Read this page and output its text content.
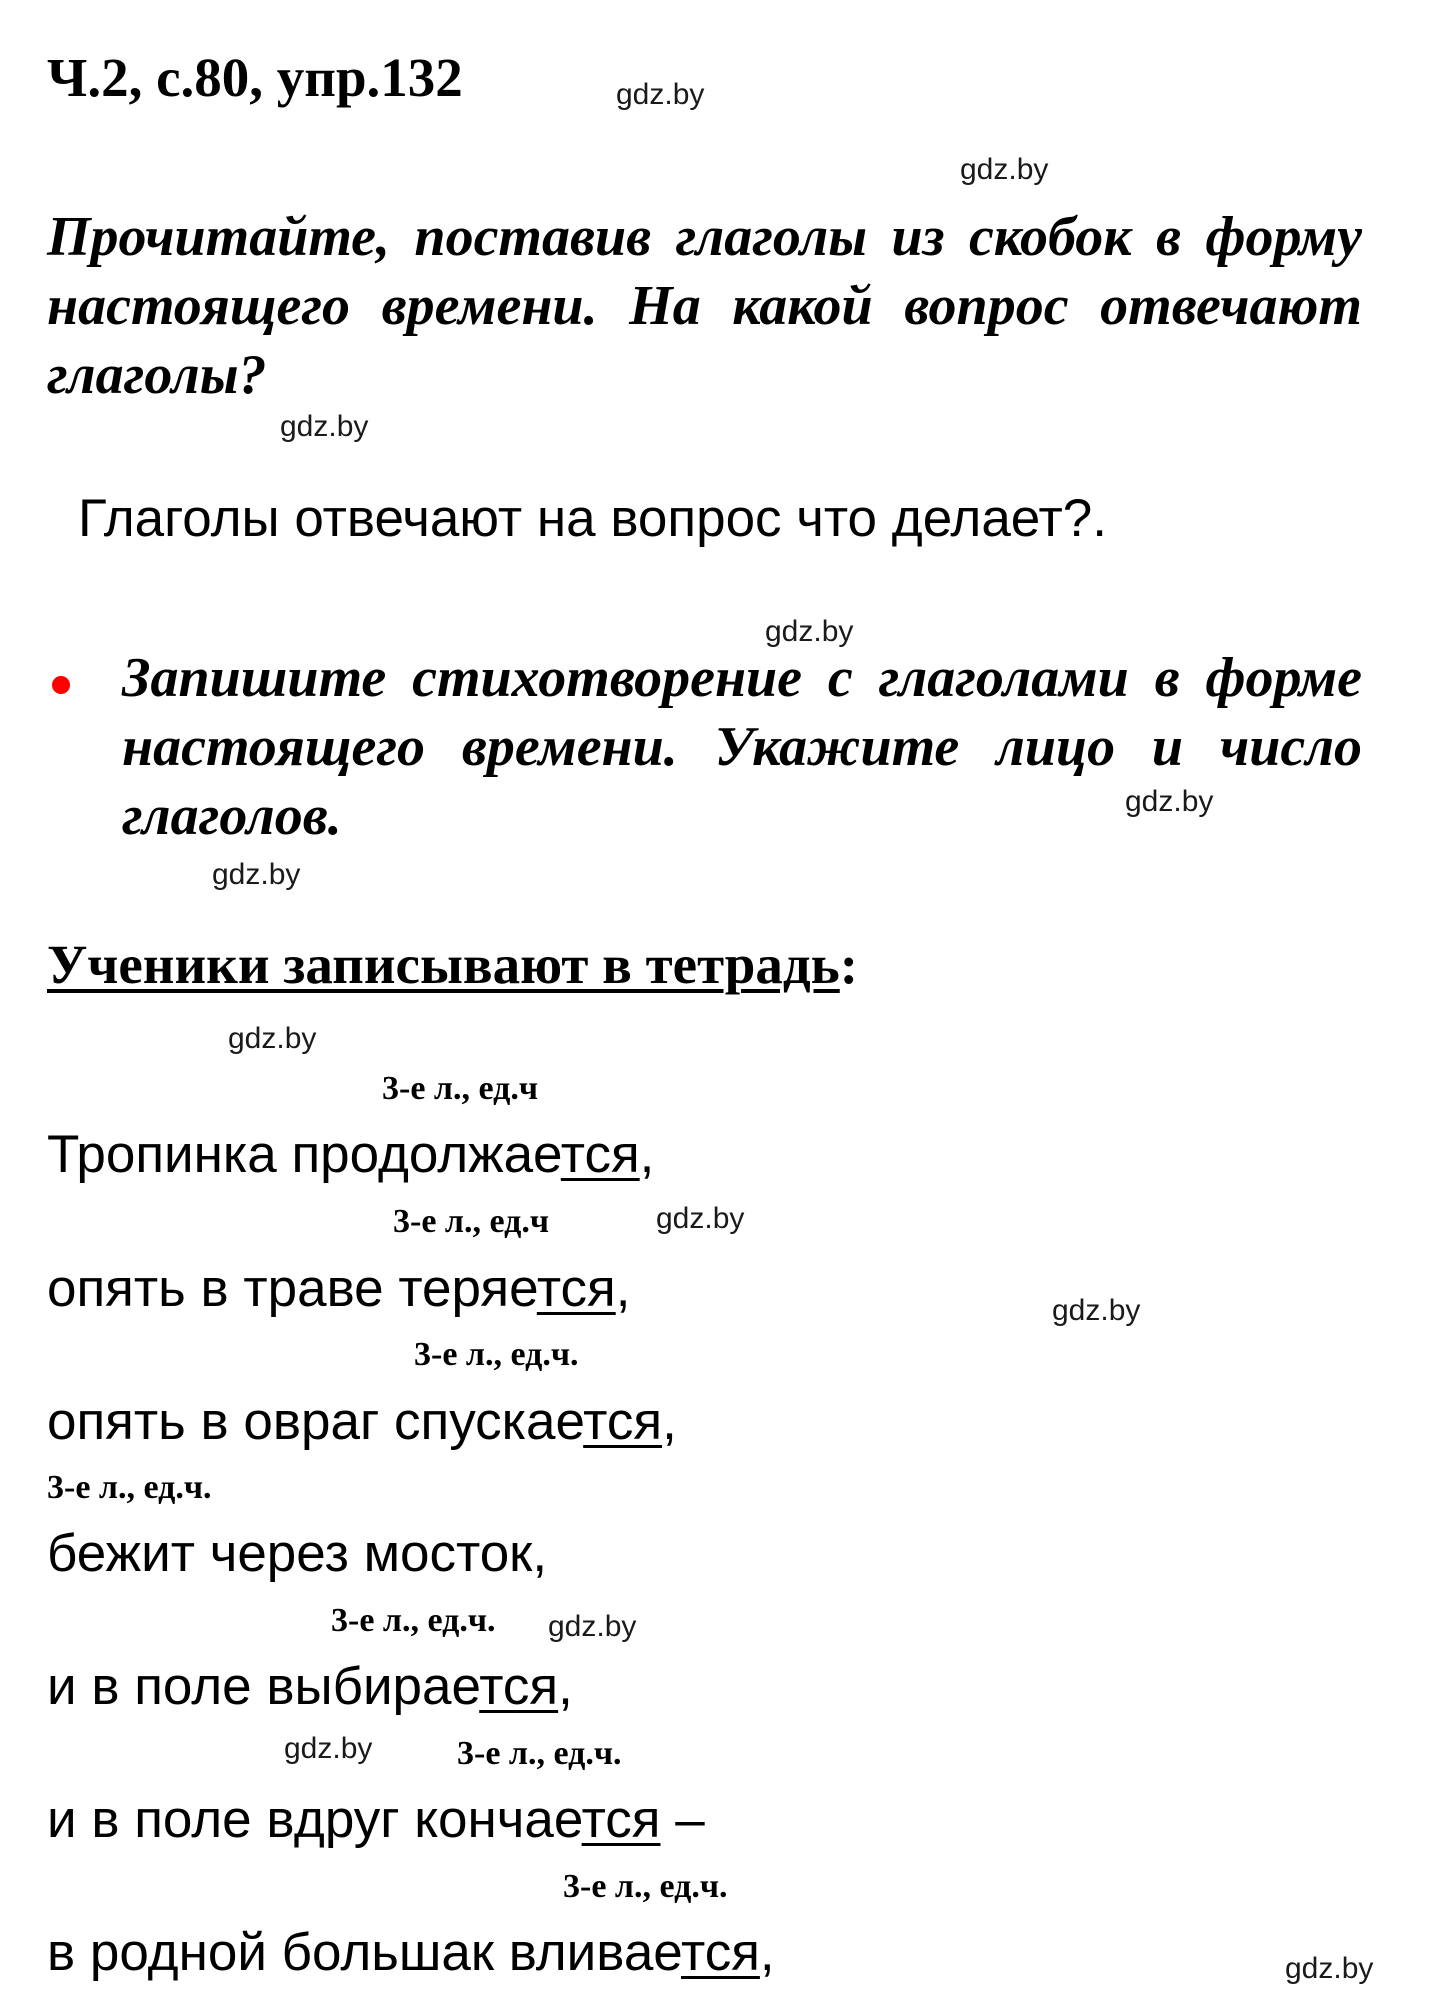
Ч.2, с.80, упр.132	gdz.by
gdz.by
gdz.by
gdz.by
gdz.by
gdz.by
gdz.by
gdz.by
gdz.by
gdz.by
gdz.by
gdz.by
Прочитайте, поставив глаголы из скобок в форму настоящего времени. На какой вопрос отвечают глаголы?
Глаголы отвечают на вопрос что делает?.
Запишите стихотворение с глаголами в форме настоящего времени. Укажите лицо и число глаголов.
Ученики записывают в тетрадь:
3-е л., ед.ч
Тропинка продолжается,
3-е л., ед.ч
опять в траве теряется,
3-е л., ед.ч.
опять в овраг спускается,
3-е л., ед.ч.
бежит через мосток,
3-е л., ед.ч.
и в поле выбирается,
3-е л., ед.ч.
и в поле вдруг кончается –
3-е л., ед.ч.
в родной большак вливается,
